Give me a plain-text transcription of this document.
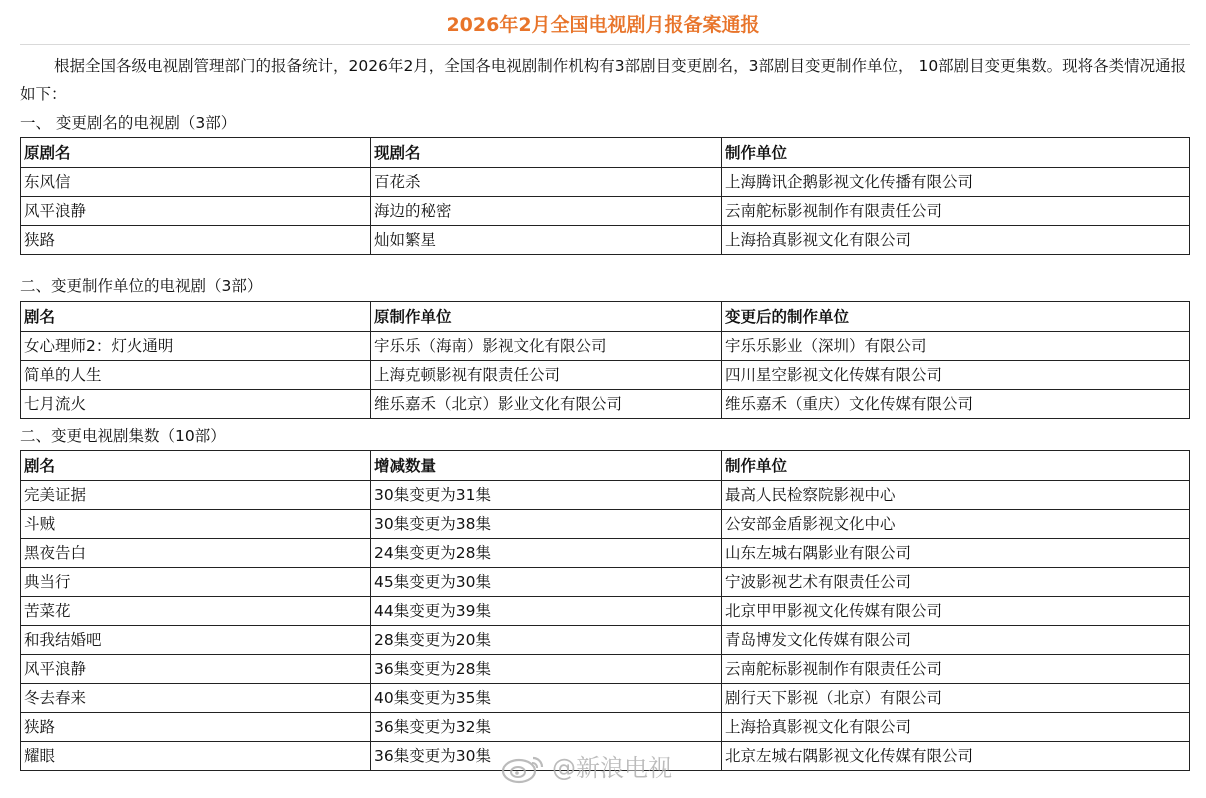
2026年2月全国电视剧月报备案通报

根据全国各级电视剧管理部门的报备统计，2026年2月，全国各电视剧制作机构有3部剧目变更剧名，3部剧目变更制作单位， 10部剧目变更集数。现将各类情况通报如下：

一、 变更剧名的电视剧（3部）

原剧名	现剧名	制作单位
东风信	百花杀	上海腾讯企鹅影视文化传播有限公司
风平浪静	海边的秘密	云南舵标影视制作有限责任公司
狭路	灿如繁星	上海拾真影视文化有限公司

二、变更制作单位的电视剧（3部）

剧名	原制作单位	变更后的制作单位
女心理师2：灯火通明	宇乐乐（海南）影视文化有限公司	宇乐乐影业（深圳）有限公司
简单的人生	上海克顿影视有限责任公司	四川星空影视文化传媒有限公司
七月流火	维乐嘉禾（北京）影业文化有限公司	维乐嘉禾（重庆）文化传媒有限公司

二、变更电视剧集数（10部）

剧名	增减数量	制作单位
完美证据	30集变更为31集	最高人民检察院影视中心
斗贼	30集变更为38集	公安部金盾影视文化中心
黑夜告白	24集变更为28集	山东左城右隅影业有限公司
典当行	45集变更为30集	宁波影视艺术有限责任公司
苦菜花	44集变更为39集	北京甲甲影视文化传媒有限公司
和我结婚吧	28集变更为20集	青岛博发文化传媒有限公司
风平浪静	36集变更为28集	云南舵标影视制作有限责任公司
冬去春来	40集变更为35集	剧行天下影视（北京）有限公司
狭路	36集变更为32集	上海拾真影视文化有限公司
耀眼	36集变更为30集	北京左城右隅影视文化传媒有限公司
@新浪电视
